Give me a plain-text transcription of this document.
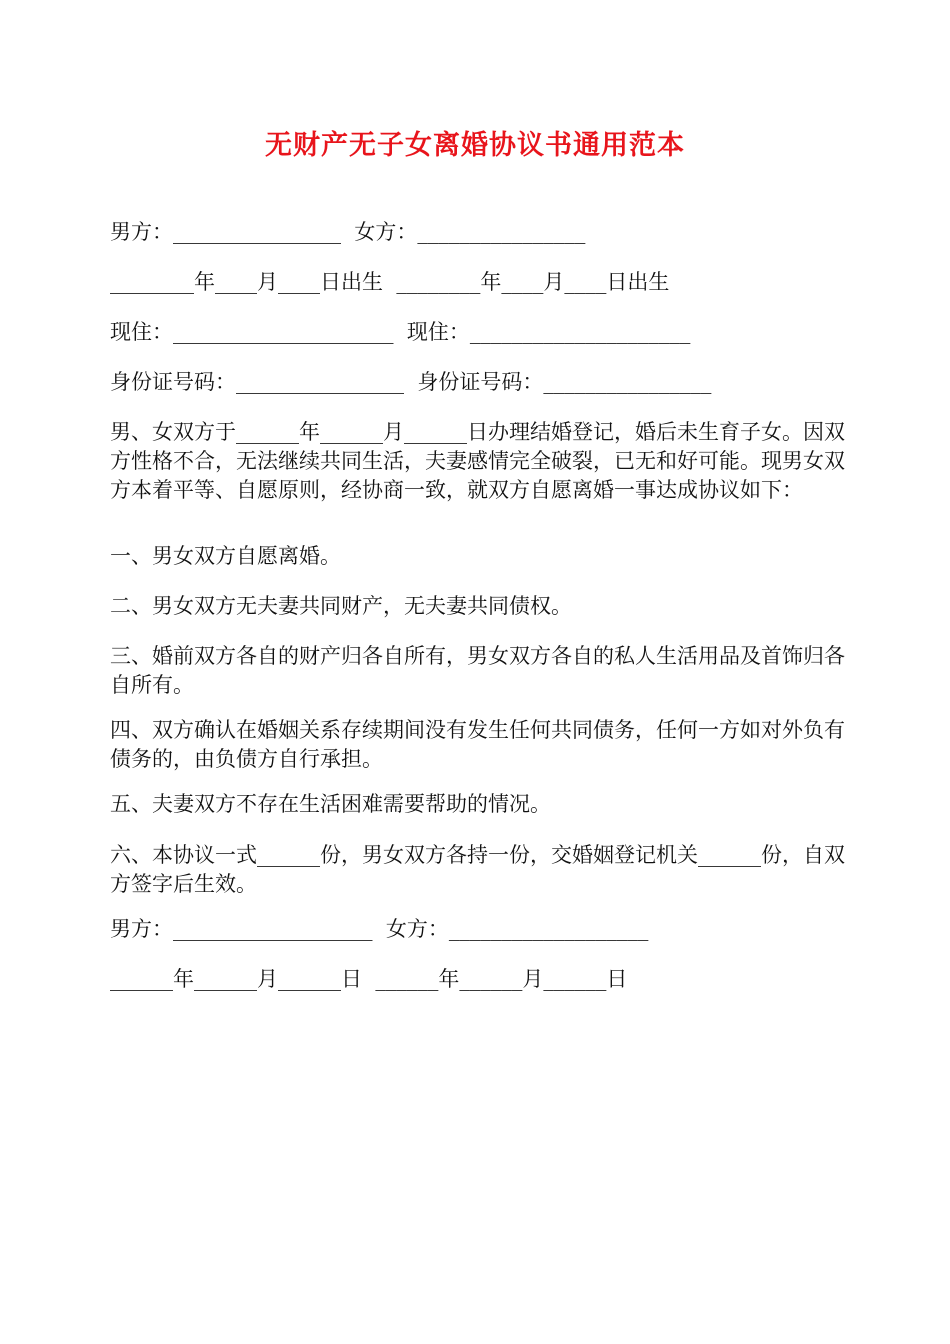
无财产无子女离婚协议书通用范本
男方：________________  女方：________________
________年____月____日出生  ________年____月____日出生
现住：_____________________  现住：_____________________
身份证号码：________________  身份证号码：________________
男、女双方于______年______月______日办理结婚登记，婚后未生育子女。因双方性格不合，无法继续共同生活，夫妻感情完全破裂，已无和好可能。现男女双方本着平等、自愿原则，经协商一致，就双方自愿离婚一事达成协议如下：
一、男女双方自愿离婚。
二、男女双方无夫妻共同财产，无夫妻共同债权。
三、婚前双方各自的财产归各自所有，男女双方各自的私人生活用品及首饰归各自所有。
四、双方确认在婚姻关系存续期间没有发生任何共同债务，任何一方如对外负有债务的，由负债方自行承担。
五、夫妻双方不存在生活困难需要帮助的情况。
六、本协议一式______份，男女双方各持一份，交婚姻登记机关______份，自双方签字后生效。
男方：___________________  女方：___________________
______年______月______日  ______年______月______日
